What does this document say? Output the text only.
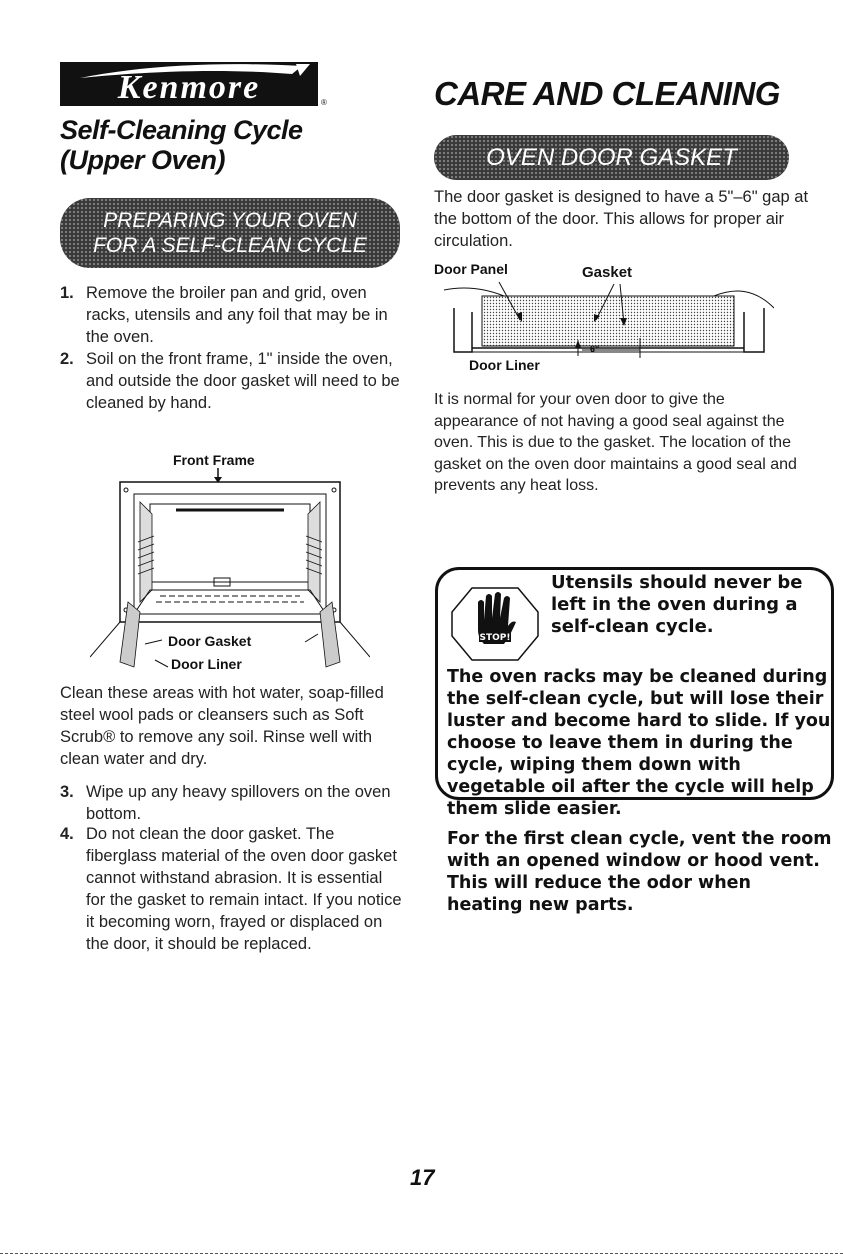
Kenmore	®
Self-Cleaning Cycle
(Upper Oven)
CARE AND CLEANING
PREPARING YOUR OVEN
FOR A SELF-CLEAN CYCLE
1. Remove the broiler pan and grid, oven racks, utensils and any foil that may be in the oven.
2. Soil on the front frame, 1" inside the oven, and outside the door gasket will need to be cleaned by hand.
Front Frame
Door Gasket
Door Liner
Clean these areas with hot water, soap-filled steel wool pads or cleansers such as Soft Scrub® to remove any soil. Rinse well with clean water and dry.
3. Wipe up any heavy spillovers on the oven bottom.
4. Do not clean the door gasket. The fiberglass material of the oven door gasket cannot withstand abrasion. It is essential for the gasket to remain intact. If you notice it becoming worn, frayed or displaced on the door, it should be replaced.
OVEN DOOR GASKET
The door gasket is designed to have a 5"–6" gap at the bottom of the door. This allows for proper air circulation.
Door Panel	Gasket
Door Liner
6"
It is normal for your oven door to give the appearance of not having a good seal against the oven. This is due to the gasket. The location of the gasket on the oven door maintains a good seal and prevents any heat loss.
STOP!
Utensils should never be left in the oven during a self-clean cycle.

The oven racks may be cleaned during the self-clean cycle, but will lose their luster and become hard to slide. If you choose to leave them in during the cycle, wiping them down with vegetable oil after the cycle will help them slide easier.

For the first clean cycle, vent the room with an opened window or hood vent. This will reduce the odor when heating new parts.

17
